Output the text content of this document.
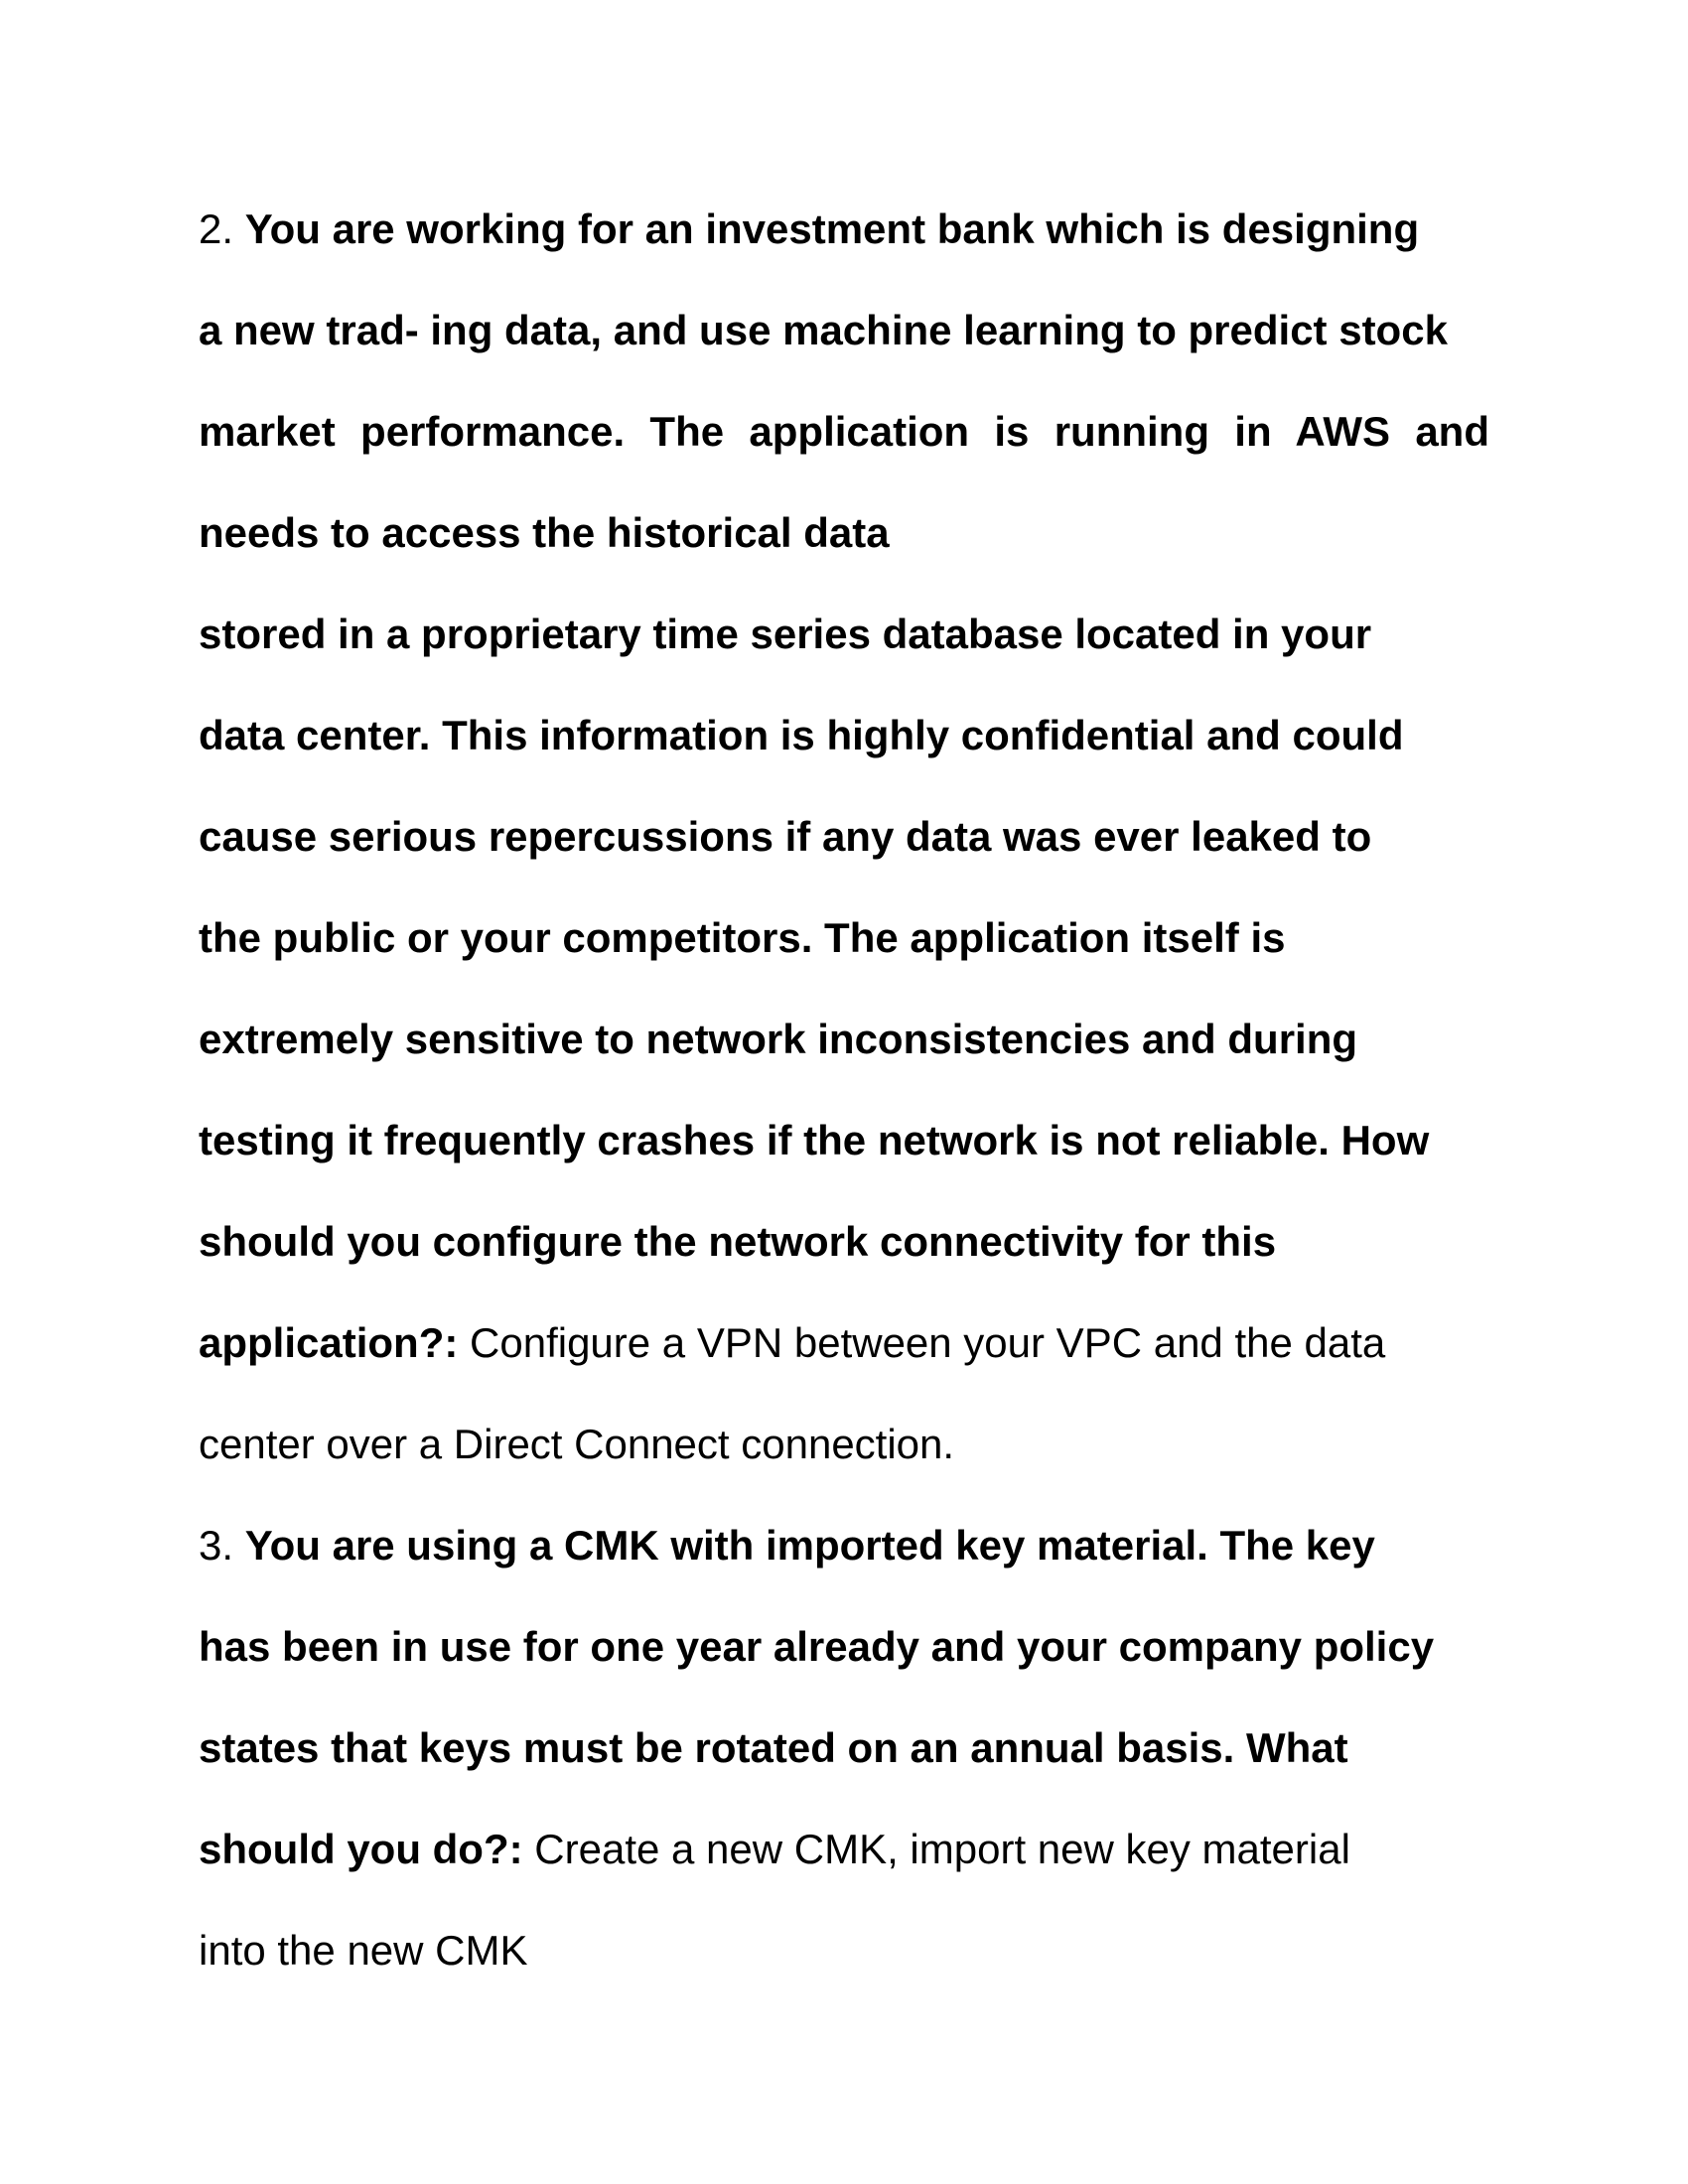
2. You are working for an investment bank which is designing
a new trad- ing data, and use machine learning to predict stock
market performance. The application is running in AWS and
needs to access the historical data
stored in a proprietary time series database located in your
data center. This information is highly confidential and could
cause serious repercussions if any data was ever leaked to
the public or your competitors. The application itself is
extremely sensitive to network inconsistencies and during
testing it frequently crashes if the network is not reliable. How
should you configure the network connectivity for this
application?: Configure a VPN between your VPC and the data
center over a Direct Connect connection.
3. You are using a CMK with imported key material. The key
has been in use for one year already and your company policy
states that keys must be rotated on an annual basis. What
should you do?: Create a new CMK, import new key material
into the new CMK
